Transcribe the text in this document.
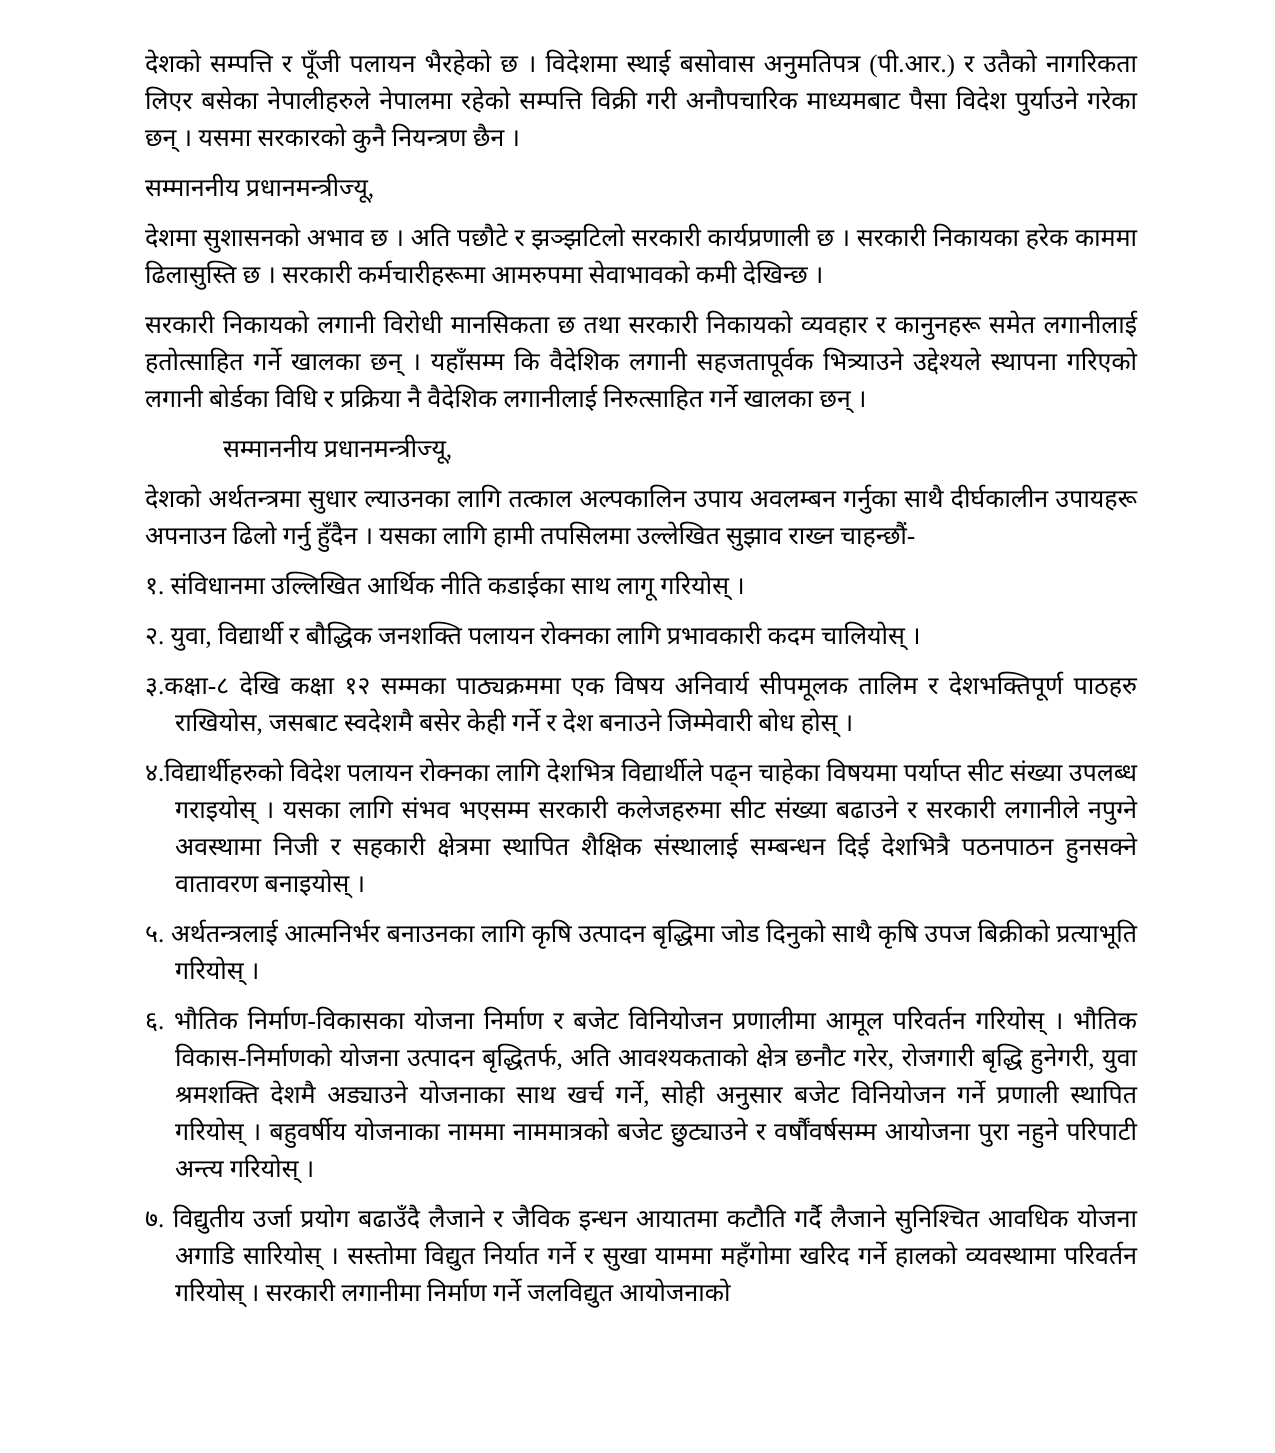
देशको सम्पत्ति र पूँजी पलायन भैरहेको छ । विदेशमा स्थाई बसोवास अनुमतिपत्र (पी.आर.) र उतैको नागरिकता लिएर बसेका नेपालीहरुले नेपालमा रहेको सम्पत्ति विक्री गरी अनौपचारिक माध्यमबाट पैसा विदेश पुर्याउने गरेका छन् । यसमा सरकारको कुनै नियन्त्रण छैन ।

सम्माननीय प्रधानमन्त्रीज्यू,

देशमा सुशासनको अभाव छ । अति पछौटे र झञ्झटिलो सरकारी कार्यप्रणाली छ । सरकारी निकायका हरेक काममा ढिलासुस्ति छ । सरकारी कर्मचारीहरूमा आमरुपमा सेवाभावको कमी देखिन्छ ।

सरकारी निकायको लगानी विरोधी मानसिकता छ तथा सरकारी निकायको व्यवहार र कानुनहरू समेत लगानीलाई हतोत्साहित गर्ने खालका छन् । यहाँसम्म कि वैदेशिक लगानी सहजतापूर्वक भित्र्याउने उद्देश्यले स्थापना गरिएको लगानी बोर्डका विधि र प्रक्रिया नै वैदेशिक लगानीलाई निरुत्साहित गर्ने खालका छन् ।

सम्माननीय प्रधानमन्त्रीज्यू,

देशको अर्थतन्त्रमा सुधार ल्याउनका लागि तत्काल अल्पकालिन उपाय अवलम्बन गर्नुका साथै दीर्घकालीन उपायहरू अपनाउन ढिलो गर्नु हुँदैन । यसका लागि हामी तपसिलमा उल्लेखित सुझाव राख्न चाहन्छौं-

१. संविधानमा उल्लिखित आर्थिक नीति कडाईका साथ लागू गरियोस् ।
२. युवा, विद्यार्थी र बौद्धिक जनशक्ति पलायन रोक्नका लागि प्रभावकारी कदम चालियोस् ।
३.कक्षा-८ देखि कक्षा १२ सम्मका पाठ्यक्रममा एक विषय अनिवार्य सीपमूलक तालिम र देशभक्तिपूर्ण पाठहरु राखियोस, जसबाट स्वदेशमै बसेर केही गर्ने र देश बनाउने जिम्मेवारी बोध होस् ।
४.विद्यार्थीहरुको विदेश पलायन रोक्नका लागि देशभित्र विद्यार्थीले पढ्न चाहेका विषयमा पर्याप्त सीट संख्या उपलब्ध गराइयोस् । यसका लागि संभव भएसम्म सरकारी कलेजहरुमा सीट संख्या बढाउने र सरकारी लगानीले नपुग्ने अवस्थामा निजी र सहकारी क्षेत्रमा स्थापित शैक्षिक संस्थालाई सम्बन्धन दिई देशभित्रै पठनपाठन हुनसक्ने वातावरण बनाइयोस् ।
५. अर्थतन्त्रलाई आत्मनिर्भर बनाउनका लागि कृषि उत्पादन बृद्धिमा जोड दिनुको साथै कृषि उपज बिक्रीको प्रत्याभूति गरियोस् ।
६. भौतिक निर्माण-विकासका योजना निर्माण र बजेट विनियोजन प्रणालीमा आमूल परिवर्तन गरियोस् । भौतिक विकास-निर्माणको योजना उत्पादन बृद्धितर्फ, अति आवश्यकताको क्षेत्र छनौट गरेर, रोजगारी बृद्धि हुनेगरी, युवा श्रमशक्ति देशमै अड्याउने योजनाका साथ खर्च गर्ने, सोही अनुसार बजेट विनियोजन गर्ने प्रणाली स्थापित गरियोस् । बहुवर्षीय योजनाका नाममा नाममात्रको बजेट छुट्याउने र वर्षौंवर्षसम्म आयोजना पुरा नहुने परिपाटी अन्त्य गरियोस् ।
७. विद्युतीय उर्जा प्रयोग बढाउँदै लैजाने र जैविक इन्धन आयातमा कटौति गर्दै लैजाने सुनिश्चित आवधिक योजना अगाडि सारियोस् । सस्तोमा विद्युत निर्यात गर्ने र सुखा याममा महँगोमा खरिद गर्ने हालको व्यवस्थामा परिवर्तन गरियोस् । सरकारी लगानीमा निर्माण गर्ने जलविद्युत आयोजनाको
